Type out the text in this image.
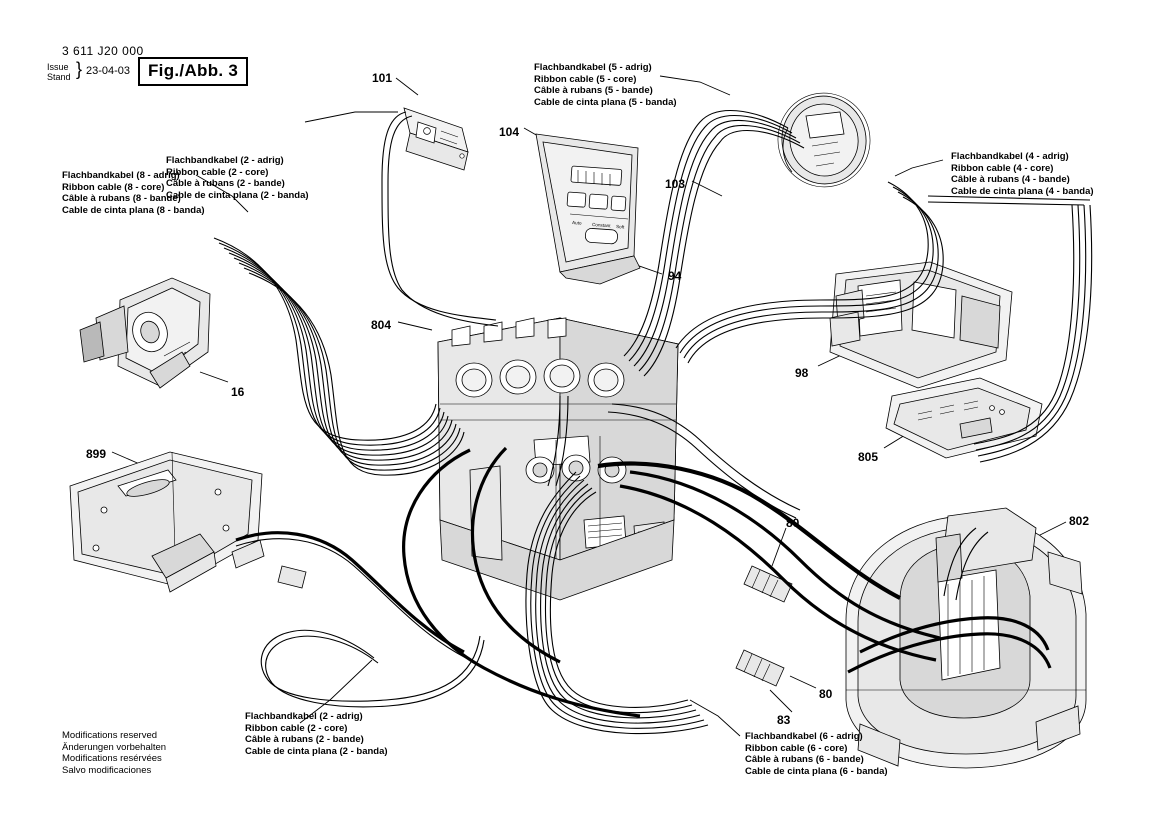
3 611 J20 000
Issue
Stand } 23-04-03	Fig./Abb. 3
Auto Constant Soft
Flachbandkabel (2 - adrig)
Ribbon cable (2 - core)
Câble à rubans (2 - bande)
Cable de cinta plana (2 - banda)
Flachbandkabel (5 - adrig)
Ribbon cable (5 - core)
Câble à rubans (5 - bande)
Cable de cinta plana (5 - banda)
Flachbandkabel (4 - adrig)
Ribbon cable (4 - core)
Câble à rubans (4 - bande)
Cable de cinta plana (4 - banda)
Flachbandkabel (8 - adrig)
Ribbon cable (8 - core)
Câble à rubans (8 - bande)
Cable de cinta plana (8 - banda)
Flachbandkabel (2 - adrig)
Ribbon cable (2 - core)
Câble à rubans (2 - bande)
Cable de cinta plana (2 - banda)
Flachbandkabel (6 - adrig)
Ribbon cable (6 - core)
Câble à rubans (6 - bande)
Cable de cinta plana (6 - banda)
101
104
103
94
16
804
98
805
899
80	802
80
83
Modifications reserved
Änderungen vorbehalten
Modifications resérvées
Salvo modificaciones
